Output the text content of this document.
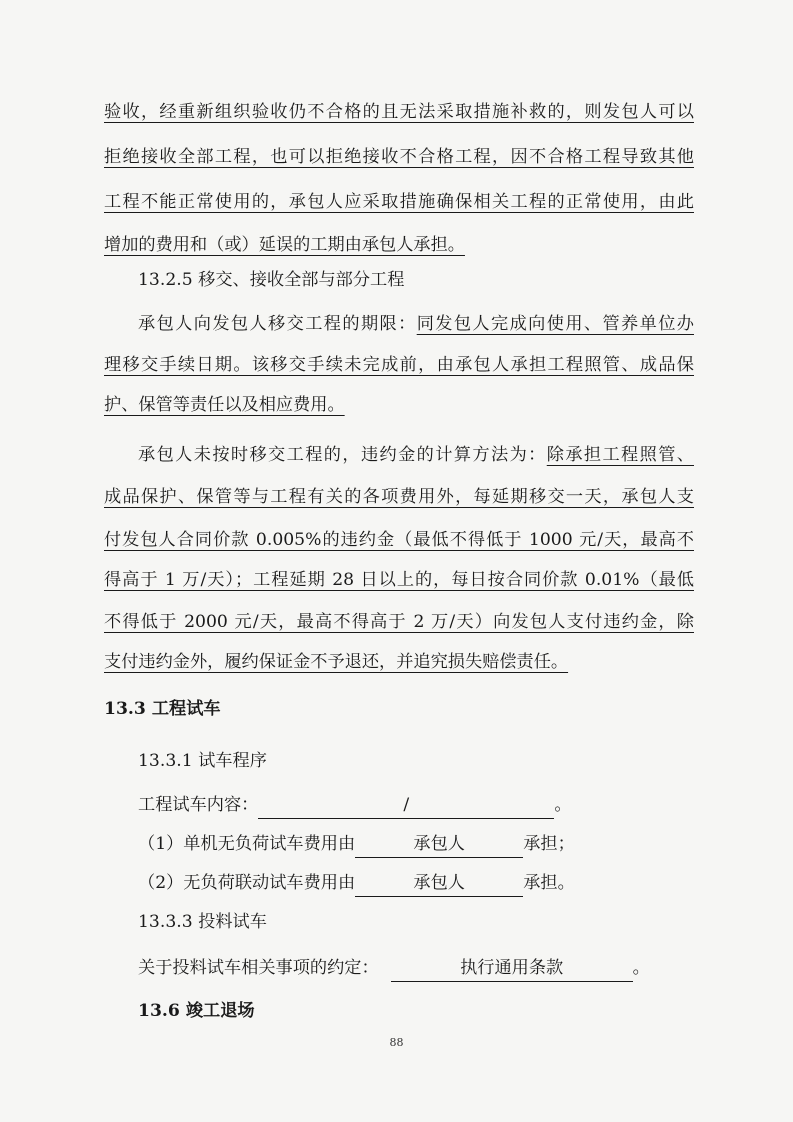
验收，经重新组织验收仍不合格的且无法采取措施补救的，则发包人可以
拒绝接收全部工程，也可以拒绝接收不合格工程，因不合格工程导致其他
工程不能正常使用的，承包人应采取措施确保相关工程的正常使用，由此
增加的费用和（或）延误的工期由承包人承担。
13.2.5 移交、接收全部与部分工程
承包人向发包人移交工程的期限：同发包人完成向使用、管养单位办
理移交手续日期。该移交手续未完成前，由承包人承担工程照管、成品保
护、保管等责任以及相应费用。
承包人未按时移交工程的，违约金的计算方法为：除承担工程照管、
成品保护、保管等与工程有关的各项费用外，每延期移交一天，承包人支
付发包人合同价款 0.005%的违约金（最低不得低于 1000 元/天，最高不
得高于 1 万/天）；工程延期 28 日以上的，每日按合同价款 0.01%（最低
不得低于 2000 元/天，最高不得高于 2 万/天）向发包人支付违约金，除
支付违约金外，履约保证金不予退还，并追究损失赔偿责任。
13.3 工程试车
13.3.1 试车程序
工程试车内容：	/	。
（1）单机无负荷试车费用由	承包人	承担；
（2）无负荷联动试车费用由	承包人	承担。
13.3.3 投料试车
关于投料试车相关事项的约定：	执行通用条款	。
13.6 竣工退场
88
